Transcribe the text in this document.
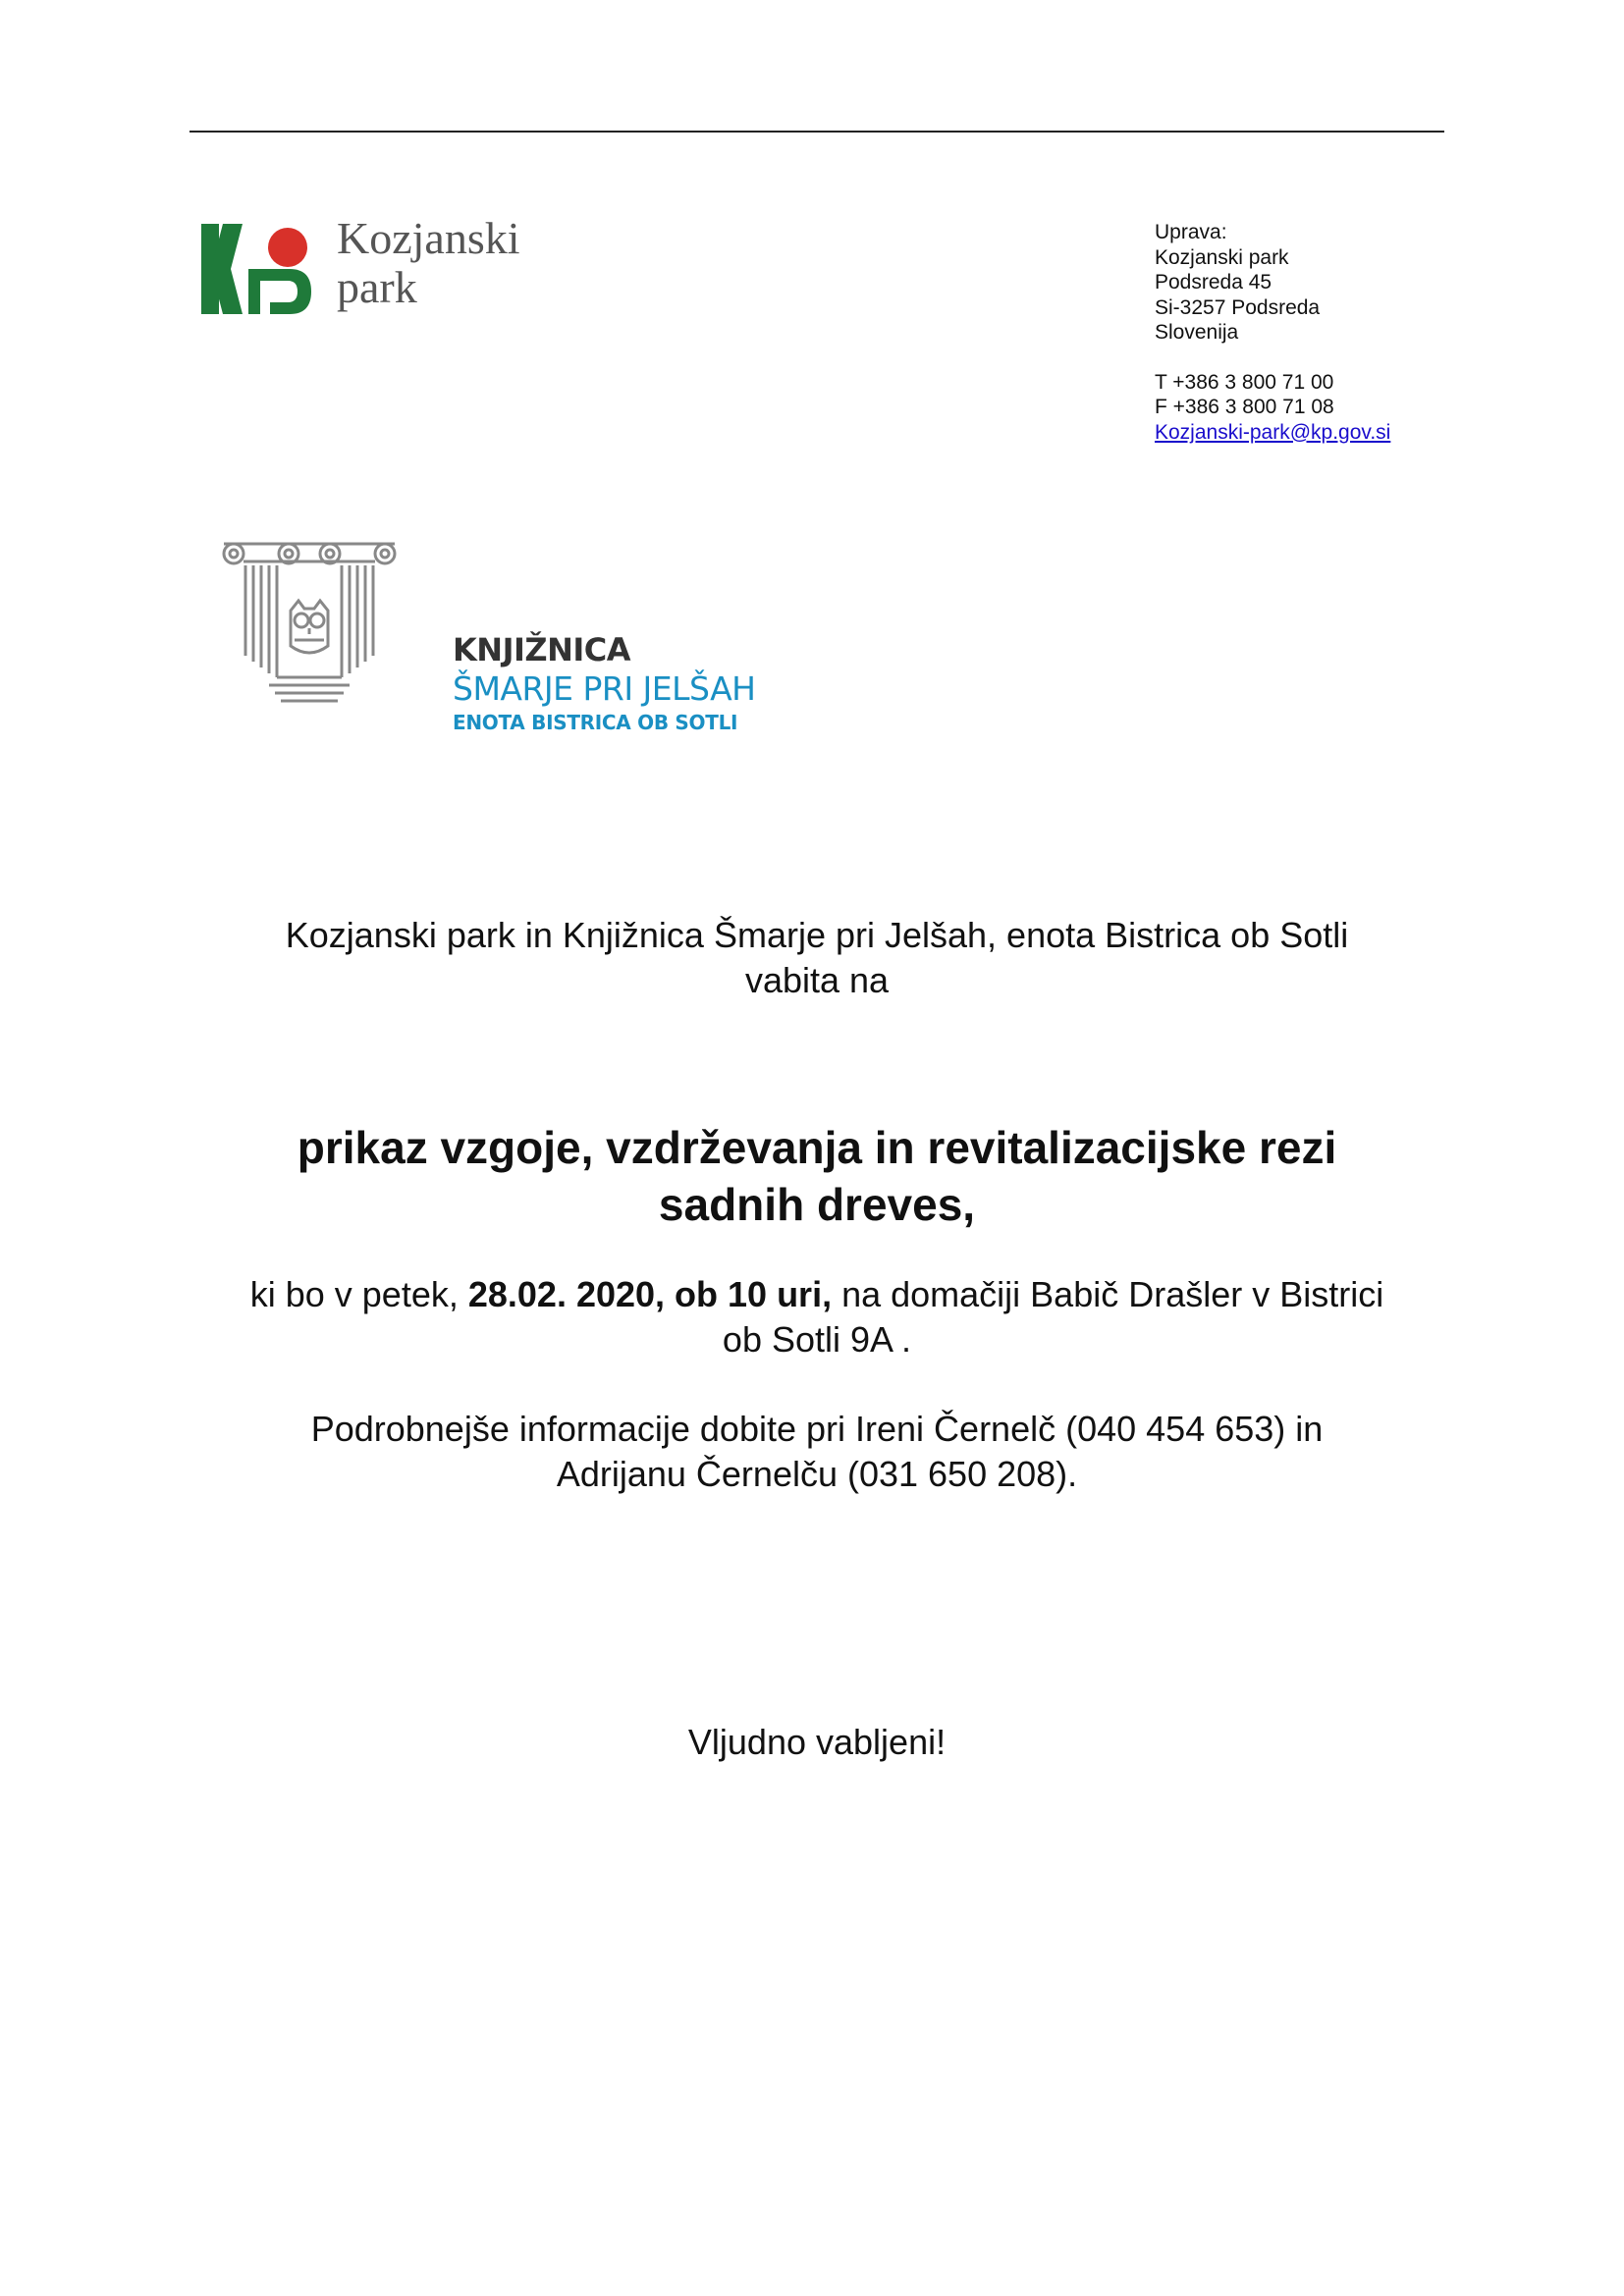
Kozjanski
park
Uprava:
Kozjanski park
Podsreda 45
Si-3257 Podsreda
Slovenija
T +386 3 800 71 00
F +386 3 800 71 08
Kozjanski-park@kp.gov.si
KNJIŽNICA
ŠMARJE PRI JELŠAH
ENOTA BISTRICA OB SOTLI
Kozjanski park in Knjižnica Šmarje pri Jelšah, enota Bistrica ob Sotli
vabita na
prikaz vzgoje, vzdrževanja in revitalizacijske rezi
sadnih dreves,
ki bo v petek, 28.02. 2020, ob 10 uri, na domačiji Babič Drašler v Bistrici
ob Sotli 9A .
Podrobnejše informacije dobite pri Ireni Černelč (040 454 653) in
Adrijanu Černelču (031 650 208).
Vljudno vabljeni!
